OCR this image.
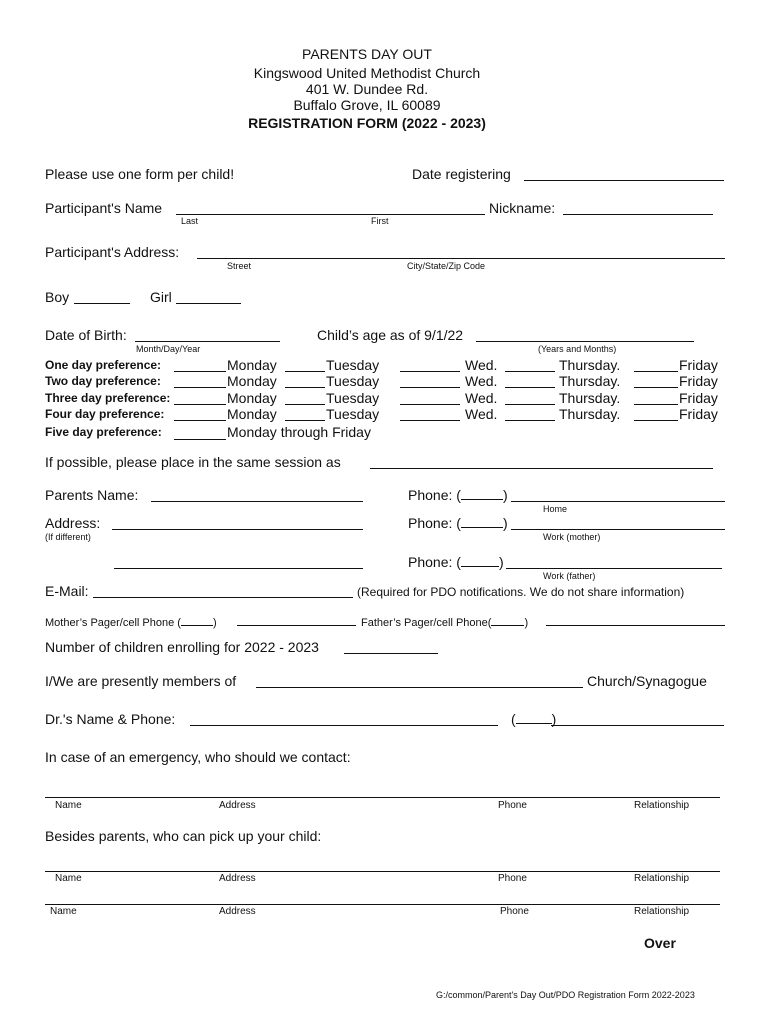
PARENTS DAY OUT
Kingswood United Methodist Church
401 W. Dundee Rd.
Buffalo Grove, IL 60089
REGISTRATION FORM (2022 - 2023)
Please use one form per child!	Date registering
Participant's Name	Nickname:
Last	First
Participant's Address:
Street	City/State/Zip Code
Boy	Girl
Date of Birth:
Month/Day/Year
Child’s age as of 9/1/22
(Years and Months)
One day preference:	Monday	Tuesday	Wed.	Thursday.	Friday
Two day preference:	Monday	Tuesday	Wed.	Thursday.	Friday
Three day preference:	Monday	Tuesday	Wed.	Thursday.	Friday
Four day preference:	Monday	Tuesday	Wed.	Thursday.	Friday
Five day preference:	Monday through Friday
If possible, please place in the same session as
Parents Name:	Phone: (	)
Home
Address:
(If different)
Phone: (	)
Work (mother)
Phone: (	)
Work (father)
E-Mail:	(Required for PDO notifications. We do not share information)
Mother’s Pager/cell Phone (	)	Father’s Pager/cell Phone(	)
Number of children enrolling for 2022 - 2023
I/We are presently members of	Church/Synagogue
Dr.'s Name & Phone:	(	)
In case of an emergency, who should we contact:
Name	Address	Phone	Relationship
Besides parents, who can pick up your child:
Name	Address	Phone	Relationship
Name	Address	Phone	Relationship
Over
G:/common/Parent's Day Out/PDO Registration Form 2022-2023
